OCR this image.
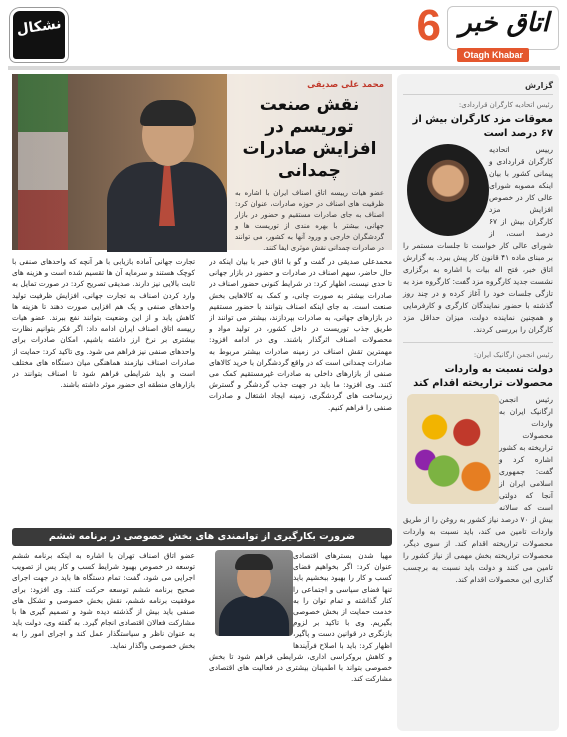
نشکال	6 اتاق خبر
Otagh Khabar
گزارش
رئیس اتحادیه کارگران قراردادی:
معوقات مزد کارگران بیش از ۶۷ درصد است
رییس اتحادیه کارگران قراردادی و پیمانی کشور با بیان اینکه مصوبه شورای عالی کار در خصوص افزایش مزد کارگران بیش از ۶۷ درصد است، از شورای عالی کار خواست تا جلسات مستمر را بر مبنای ماده ۴۱ قانون کار پیش ببرد. به گزارش اتاق خبر، فتح اله بیات با اشاره به برگزاری نشست جدید کارگروه مزد گفت: کارگروه مزد به تازگی جلسات خود را آغاز کرده و در چند روز گذشته با حضور نمایندگان کارگری و کارفرمایی و همچنین نماینده دولت، میزان حداقل مزد کارگران را بررسی کردند.
رئیس انجمن ارگانیک ایران:
دولت نسبت به واردات محصولات تراریخته اقدام کند
رئیس انجمن ارگانیک ایران به واردات محصولات تراریخته به کشور اشاره کرد و گفت: جمهوری اسلامی ایران از آنجا که دولتی است که سالانه بیش از ۷۰ درصد نیاز کشور به روغن را از طریق واردات تامین می کند، باید نسبت به واردات محصولات تراریخته اقدام کند. از سوی دیگر، محصولات تراریخته بخش مهمی از نیاز کشور را تامین می کنند و دولت باید نسبت به برچسب گذاری این محصولات اقدام کند.
محمد علی صدیقی
نقش صنعت توریسم در افزایش صادرات چمدانی
عضو هیات رییسه اتاق اصناف ایران با اشاره به ظرفیت های اصناف در حوزه صادرات، عنوان کرد: اصناف به جای صادرات مستقیم و حضور در بازار جهانی، بیشتر با بهره مندی از توریست ها و گردشگران خارجی و ورود آنها به کشور، می توانند در صادرات چمدانی نقش موثری ایفا کنند.
محمدعلی صدیقی در گفت و گو با اتاق خبر با بیان اینکه در حال حاضر، سهم اصناف در صادرات و حضور در بازار جهانی تا حدی نیست، اظهار کرد: در شرایط کنونی حضور اصناف در صادرات بیشتر به صورت چانی، و کمک به کالاهایی بخش صنعت است. به جای اینکه اصناف بتوانند با حضور مستقیم در بازارهای جهانی، به صادرات بپردازند، بیشتر می توانند از طریق جذب توریست در داخل کشور، در تولید مواد و محصولات اصناف اثرگذار باشند. وی در ادامه افزود: مهمترین تقش اصناف در زمینه صادرات بیشتر مربوط به صادرات چمدانی است که در واقع گردشگران با خرید کالاهای صنفی از بازارهای داخلی به صادرات غیرمستقیم کمک می کنند. وی افزود: ما باید در جهت جذب گردشگر و گسترش زیرساخت های گردشگری، زمینه ایجاد اشتغال و صادرات صنفی را فراهم کنیم.
تجارت جهانی آماده بازیابی با هر آنچه که واحدهای صنفی با کوچک هستند و سرمایه آن ها تقسیم شده است و هزینه های ثابت بالایی نیز دارند. صدیقی تصریح کرد: در صورت تمایل به وارد کردن اصناف به تجارت جهانی، افزایش ظرفیت تولید واحدهای صنفی و یک هم افزایی صورت دهند تا هزینه ها کاهش یابد و از این وضعیت بتوانند نفع ببرند. عضو هیات رییسه اتاق اصناف ایران ادامه داد: اگر فکر بتوانیم نظارت بیشتری بر نرخ ارز داشته باشیم، امکان صادرات برای واحدهای صنفی نیز فراهم می شود. وی تاکید کرد: حمایت از صادرات اصناف نیازمند هماهنگی میان دستگاه های مختلف است و باید شرایطی فراهم شود تا اصناف بتوانند در بازارهای منطقه ای حضور موثر داشته باشند.
ضرورت بکارگیری از توانمندی های بخش خصوصی در برنامه ششم
مهیا شدن بسترهای اقتصادی عنوان کرد: اگر بخواهیم فضای کسب و کار را بهبود ببخشیم باید تنها فضای سیاسی و اجتماعی را کنار گذاشته و تمام توان را به خدمت حمایت از بخش خصوصی بگیریم. وی با تاکید بر لزوم بازنگری در قوانین دست و پاگیر، اظهار کرد: باید با اصلاح فرآیندها و کاهش بروکراسی اداری، شرایطی فراهم شود تا بخش خصوصی بتواند با اطمینان بیشتری در فعالیت های اقتصادی مشارکت کند.
عضو اتاق اصناف تهران با اشاره به اینکه برنامه ششم توسعه در خصوص بهبود شرایط کسب و کار پس از تصویب اجرایی می شود، گفت: تمام دستگاه ها باید در جهت اجرای صحیح برنامه ششم توسعه حرکت کنند. وی افزود: برای موفقیت برنامه ششم، نقش بخش خصوصی و تشکل های صنفی باید بیش از گذشته دیده شود و تصمیم گیری ها با مشارکت فعالان اقتصادی انجام گیرد. به گفته وی، دولت باید به عنوان ناظر و سیاستگذار عمل کند و اجرای امور را به بخش خصوصی واگذار نماید.
